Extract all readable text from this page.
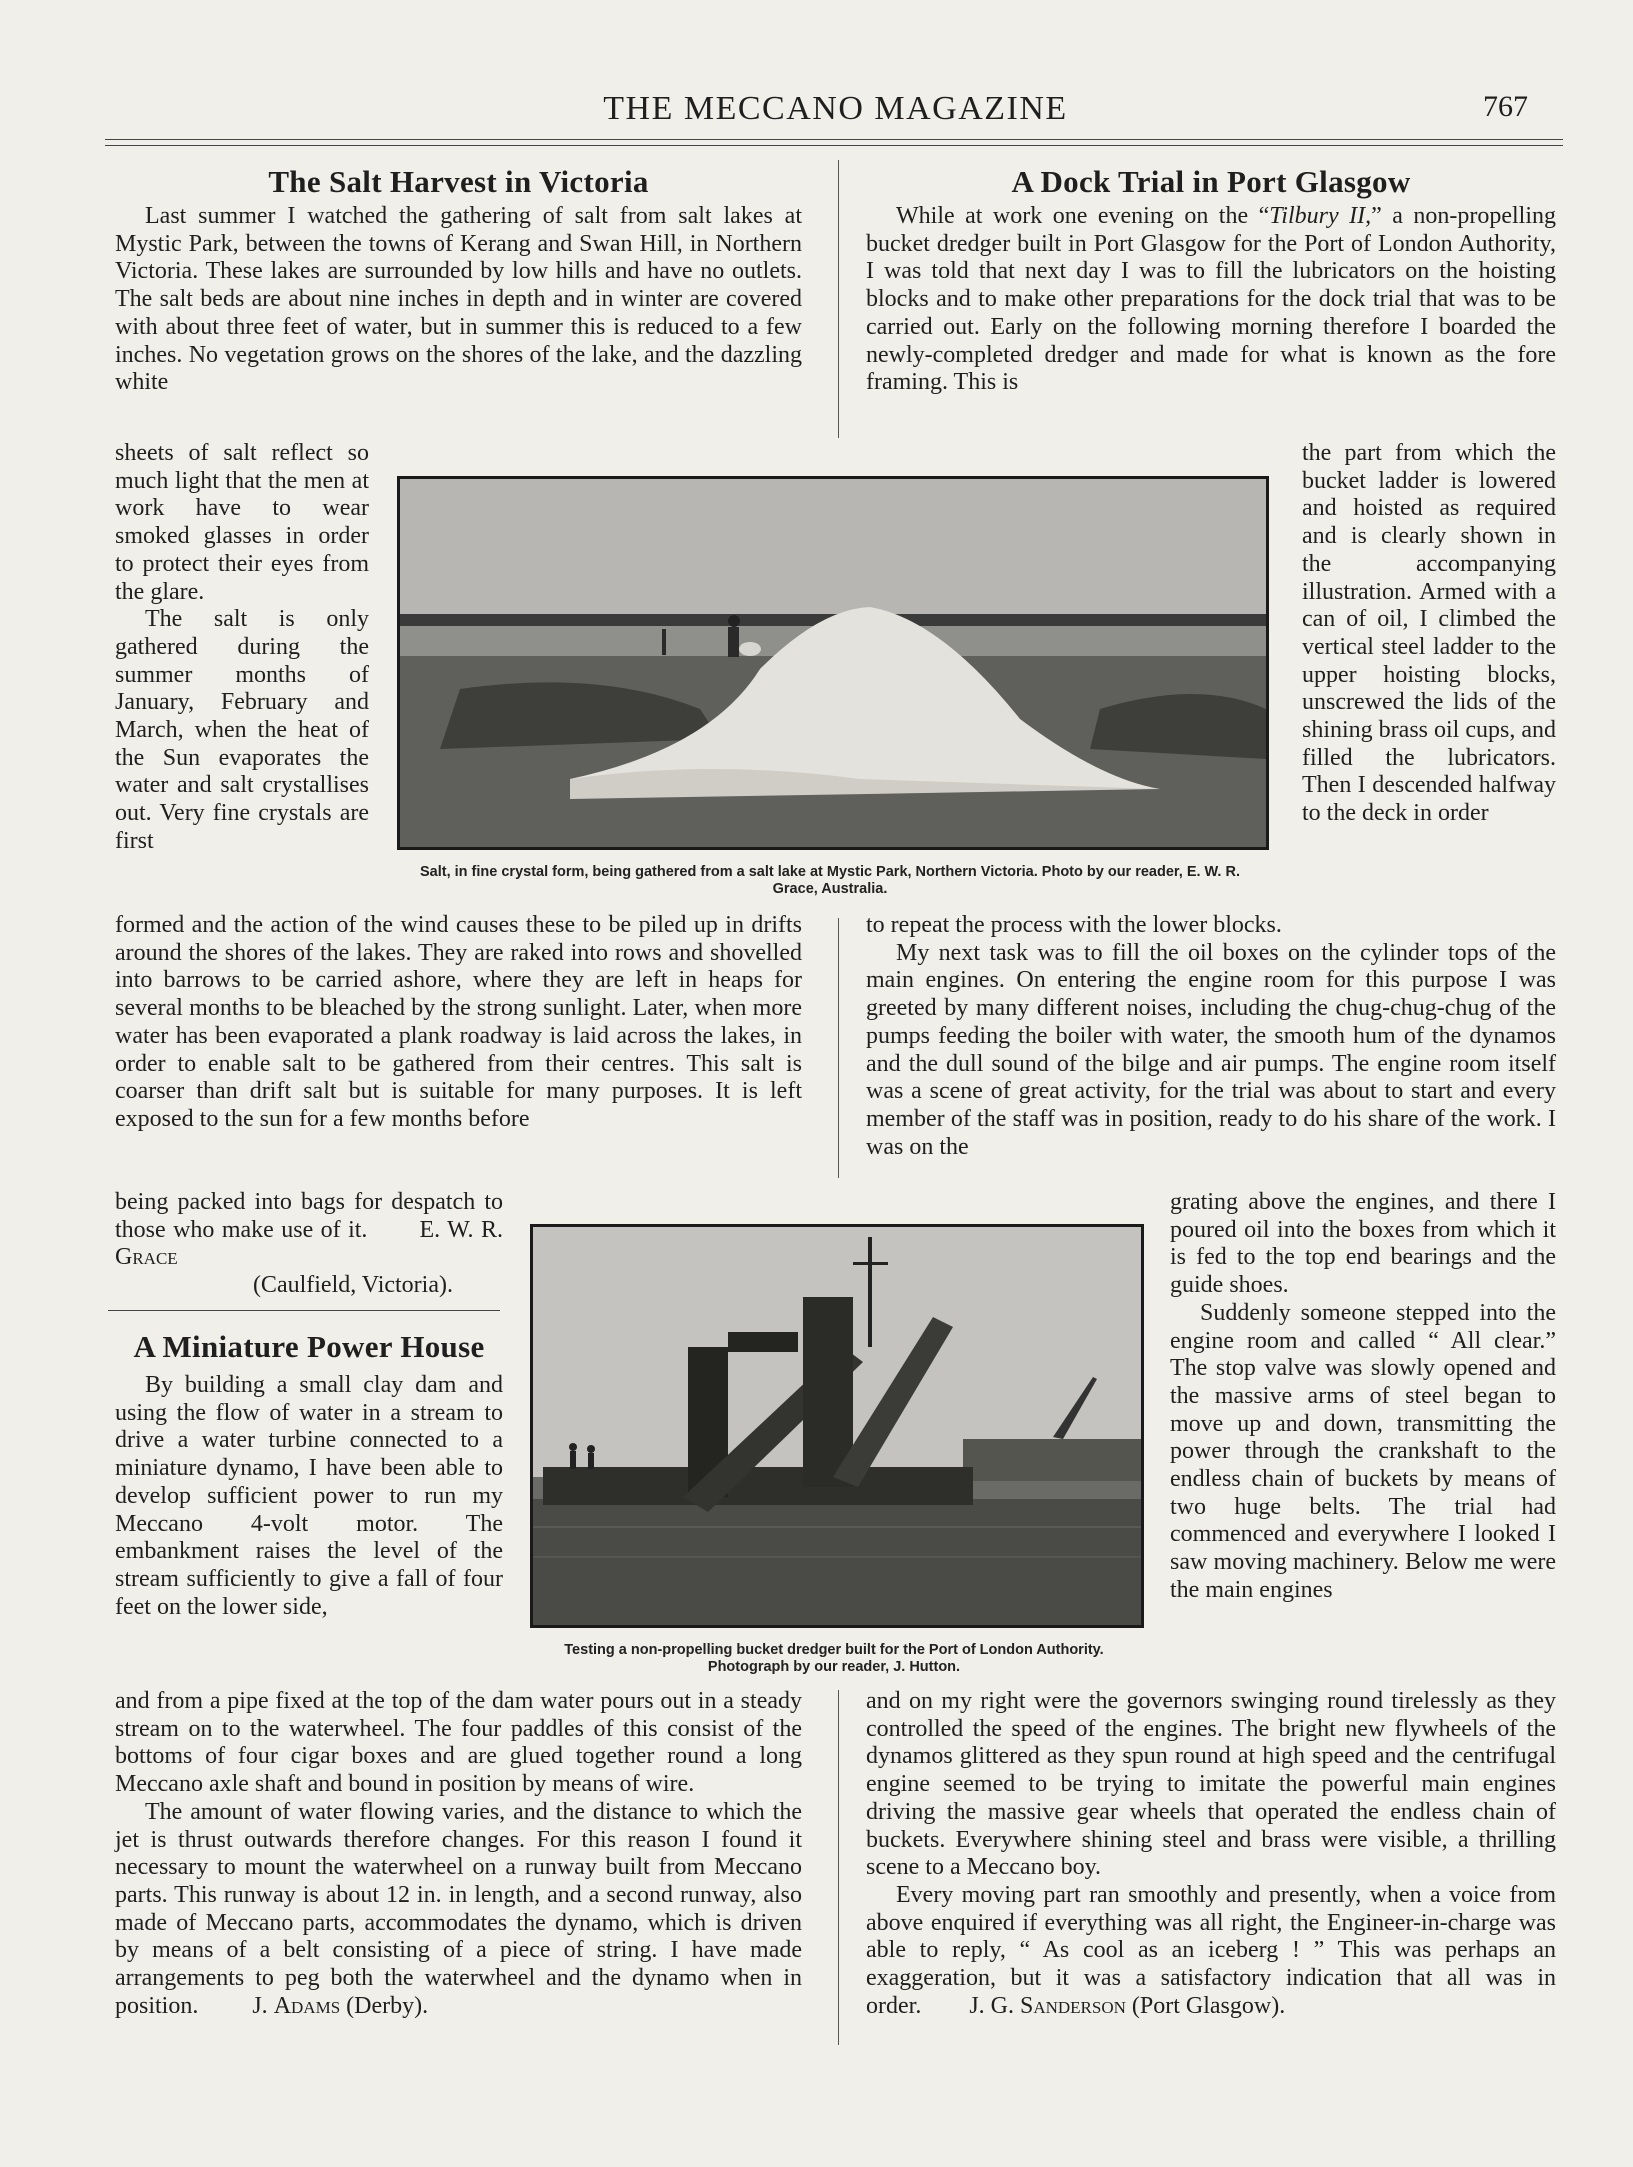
THE MECCANO MAGAZINE	767
The Salt Harvest in Victoria

Last summer I watched the gathering of salt from salt lakes at Mystic Park, between the towns of Kerang and Swan Hill, in Northern Victoria. These lakes are surrounded by low hills and have no outlets. The salt beds are about nine inches in depth and in winter are covered with about three feet of water, but in summer this is reduced to a few inches. No vegetation grows on the shores of the lake, and the dazzling white

sheets of salt reflect so much light that the men at work have to wear smoked glasses in order to protect their eyes from the glare.

The salt is only gathered during the summer months of January, February and March, when the heat of the Sun evaporates the water and salt crystallises out. Very fine crystals are first

formed and the action of the wind causes these to be piled up in drifts around the shores of the lakes. They are raked into rows and shovelled into barrows to be carried ashore, where they are left in heaps for several months to be bleached by the strong sunlight. Later, when more water has been evaporated a plank roadway is laid across the lakes, in order to enable salt to be gathered from their centres. This salt is coarser than drift salt but is suitable for many purposes. It is left exposed to the sun for a few months before

being packed into bags for despatch to those who make use of it. E. W. R. Grace

(Caulfield, Victoria).

Salt, in fine crystal form, being gathered from a salt lake at Mystic Park, Northern Victoria. Photo by our reader, E. W. R. Grace, Australia.
A Dock Trial in Port Glasgow

While at work one evening on the “Tilbury II,” a non-propelling bucket dredger built in Port Glasgow for the Port of London Authority, I was told that next day I was to fill the lubricators on the hoisting blocks and to make other preparations for the dock trial that was to be carried out. Early on the following morning therefore I boarded the newly-completed dredger and made for what is known as the fore framing. This is

the part from which the bucket ladder is lowered and hoisted as required and is clearly shown in the accompanying illustration. Armed with a can of oil, I climbed the vertical steel ladder to the upper hoisting blocks, unscrewed the lids of the shining brass oil cups, and filled the lubricators. Then I descended halfway to the deck in order

to repeat the process with the lower blocks.

My next task was to fill the oil boxes on the cylinder tops of the main engines. On entering the engine room for this purpose I was greeted by many different noises, including the chug-chug-chug of the pumps feeding the boiler with water, the smooth hum of the dynamos and the dull sound of the bilge and air pumps. The engine room itself was a scene of great activity, for the trial was about to start and every member of the staff was in position, ready to do his share of the work. I was on the

grating above the engines, and there I poured oil into the boxes from which it is fed to the top end bearings and the guide shoes.

Suddenly someone stepped into the engine room and called “ All clear.” The stop valve was slowly opened and the massive arms of steel began to move up and down, transmitting the power through the crankshaft to the endless chain of buckets by means of two huge belts. The trial had commenced and everywhere I looked I saw moving machinery. Below me were the main engines

and on my right were the governors swinging round tirelessly as they controlled the speed of the engines. The bright new flywheels of the dynamos glittered as they spun round at high speed and the centrifugal engine seemed to be trying to imitate the powerful main engines driving the massive gear wheels that operated the endless chain of buckets. Everywhere shining steel and brass were visible, a thrilling scene to a Meccano boy.

Every moving part ran smoothly and presently, when a voice from above enquired if everything was all right, the Engineer-in-charge was able to reply, “ As cool as an iceberg ! ” This was perhaps an exaggeration, but it was a satisfactory indication that all was in order. J. G. Sanderson (Port Glasgow).

Testing a non-propelling bucket dredger built for the Port of London Authority. Photograph by our reader, J. Hutton.
A Miniature Power House

By building a small clay dam and using the flow of water in a stream to drive a water turbine connected to a miniature dynamo, I have been able to develop sufficient power to run my Meccano 4-volt motor. The embankment raises the level of the stream sufficiently to give a fall of four feet on the lower side,

and from a pipe fixed at the top of the dam water pours out in a steady stream on to the waterwheel. The four paddles of this consist of the bottoms of four cigar boxes and are glued together round a long Meccano axle shaft and bound in position by means of wire.

The amount of water flowing varies, and the distance to which the jet is thrust outwards therefore changes. For this reason I found it necessary to mount the waterwheel on a runway built from Meccano parts. This runway is about 12 in. in length, and a second runway, also made of Meccano parts, accommodates the dynamo, which is driven by means of a belt consisting of a piece of string. I have made arrangements to peg both the waterwheel and the dynamo when in position. J. Adams (Derby).
